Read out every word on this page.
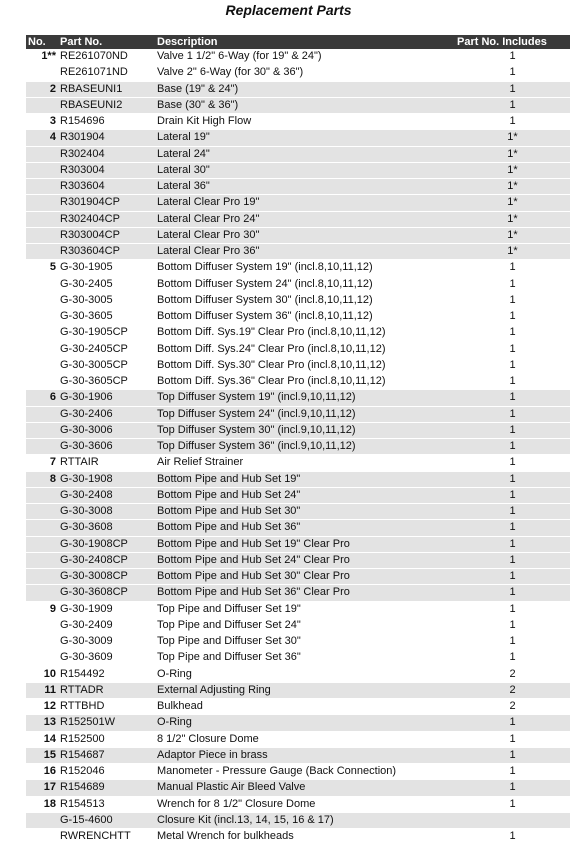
Replacement Parts
No.	Part No.	Description	Part No. Includes
1**	RE261070ND	Valve 1 1/2" 6-Way (for 19" & 24")	1
	RE261071ND	Valve 2" 6-Way (for 30" & 36")	1
2	RBASEUNI1	Base (19" & 24")	1
	RBASEUNI2	Base (30" & 36")	1
3	R154696	Drain Kit High Flow	1
4	R301904	Lateral 19"	1*
	R302404	Lateral 24"	1*
	R303004	Lateral 30"	1*
	R303604	Lateral 36"	1*
	R301904CP	Lateral Clear Pro 19"	1*
	R302404CP	Lateral Clear Pro 24"	1*
	R303004CP	Lateral Clear Pro 30"	1*
	R303604CP	Lateral Clear Pro 36"	1*
5	G-30-1905	Bottom Diffuser System 19" (incl.8,10,11,12)	1
	G-30-2405	Bottom Diffuser System 24" (incl.8,10,11,12)	1
	G-30-3005	Bottom Diffuser System 30" (incl.8,10,11,12)	1
	G-30-3605	Bottom Diffuser System 36" (incl.8,10,11,12)	1
	G-30-1905CP	Bottom Diff. Sys.19" Clear Pro (incl.8,10,11,12)	1
	G-30-2405CP	Bottom Diff. Sys.24" Clear Pro (incl.8,10,11,12)	1
	G-30-3005CP	Bottom Diff. Sys.30" Clear Pro (incl.8,10,11,12)	1
	G-30-3605CP	Bottom Diff. Sys.36" Clear Pro (incl.8,10,11,12)	1
6	G-30-1906	Top Diffuser System 19" (incl.9,10,11,12)	1
	G-30-2406	Top Diffuser System 24" (incl.9,10,11,12)	1
	G-30-3006	Top Diffuser System 30" (incl.9,10,11,12)	1
	G-30-3606	Top Diffuser System 36" (incl.9,10,11,12)	1
7	RTTAIR	Air Relief Strainer	1
8	G-30-1908	Bottom Pipe and Hub Set 19"	1
	G-30-2408	Bottom Pipe and Hub Set 24"	1
	G-30-3008	Bottom Pipe and Hub Set 30"	1
	G-30-3608	Bottom Pipe and Hub Set 36"	1
	G-30-1908CP	Bottom Pipe and Hub Set 19" Clear Pro	1
	G-30-2408CP	Bottom Pipe and Hub Set 24" Clear Pro	1
	G-30-3008CP	Bottom Pipe and Hub Set 30" Clear Pro	1
	G-30-3608CP	Bottom Pipe and Hub Set 36" Clear Pro	1
9	G-30-1909	Top Pipe and Diffuser Set 19"	1
	G-30-2409	Top Pipe and Diffuser Set 24"	1
	G-30-3009	Top Pipe and Diffuser Set 30"	1
	G-30-3609	Top Pipe and Diffuser Set 36"	1
10	R154492	O-Ring	2
11	RTTADR	External Adjusting Ring	2
12	RTTBHD	Bulkhead	2
13	R152501W	O-Ring	1
14	R152500	8 1/2" Closure Dome	1
15	R154687	Adaptor Piece in brass	1
16	R152046	Manometer - Pressure Gauge (Back Connection)	1
17	R154689	Manual Plastic Air Bleed Valve	1
18	R154513	Wrench for 8 1/2" Closure Dome	1
	G-15-4600	Closure Kit (incl.13, 14, 15, 16 & 17)	
	RWRENCHTT	Metal Wrench for bulkheads	1
